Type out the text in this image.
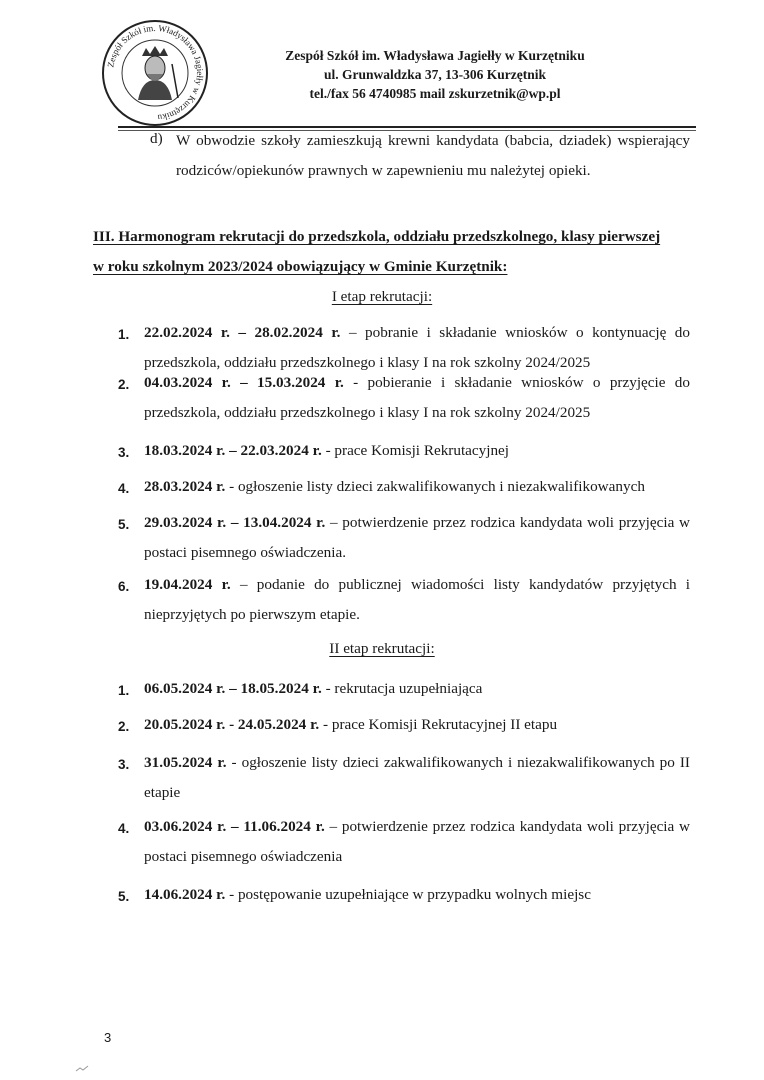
Zespół Szkół im. Władysława Jagiełły w Kurzętniku
Zespół Szkół im. Władysława Jagiełły w Kurzętniku
ul. Grunwaldzka 37, 13-306 Kurzętnik
tel./fax 56 4740985 mail zskurzetnik@wp.pl
d) W obwodzie szkoły zamieszkują krewni kandydata (babcia, dziadek) wspierający rodziców/opiekunów prawnych w zapewnieniu mu należytej opieki.
III. Harmonogram rekrutacji do przedszkola, oddziału przedszkolnego, klasy pierwszej
w roku szkolnym 2023/2024 obowiązujący w Gminie Kurzętnik:
I etap rekrutacji:
1. 22.02.2024 r. – 28.02.2024 r. – pobranie i składanie wniosków o kontynuację do przedszkola, oddziału przedszkolnego i klasy I na rok szkolny 2024/2025
2. 04.03.2024 r. – 15.03.2024 r. - pobieranie i składanie wniosków o przyjęcie do przedszkola, oddziału przedszkolnego i klasy I na rok szkolny 2024/2025
3. 18.03.2024 r. – 22.03.2024 r. - prace Komisji Rekrutacyjnej
4. 28.03.2024 r. - ogłoszenie listy dzieci zakwalifikowanych i niezakwalifikowanych
5. 29.03.2024 r. – 13.04.2024 r. – potwierdzenie przez rodzica kandydata woli przyjęcia w postaci pisemnego oświadczenia.
6. 19.04.2024 r. – podanie do publicznej wiadomości listy kandydatów przyjętych i nieprzyjętych po pierwszym etapie.
II etap rekrutacji:
1. 06.05.2024 r. – 18.05.2024 r. - rekrutacja uzupełniająca
2. 20.05.2024 r. - 24.05.2024 r. - prace Komisji Rekrutacyjnej II etapu
3. 31.05.2024 r. - ogłoszenie listy dzieci zakwalifikowanych i niezakwalifikowanych po II etapie
4. 03.06.2024 r. – 11.06.2024 r. – potwierdzenie przez rodzica kandydata woli przyjęcia w postaci pisemnego oświadczenia
5. 14.06.2024 r. - postępowanie uzupełniające w przypadku wolnych miejsc
3
